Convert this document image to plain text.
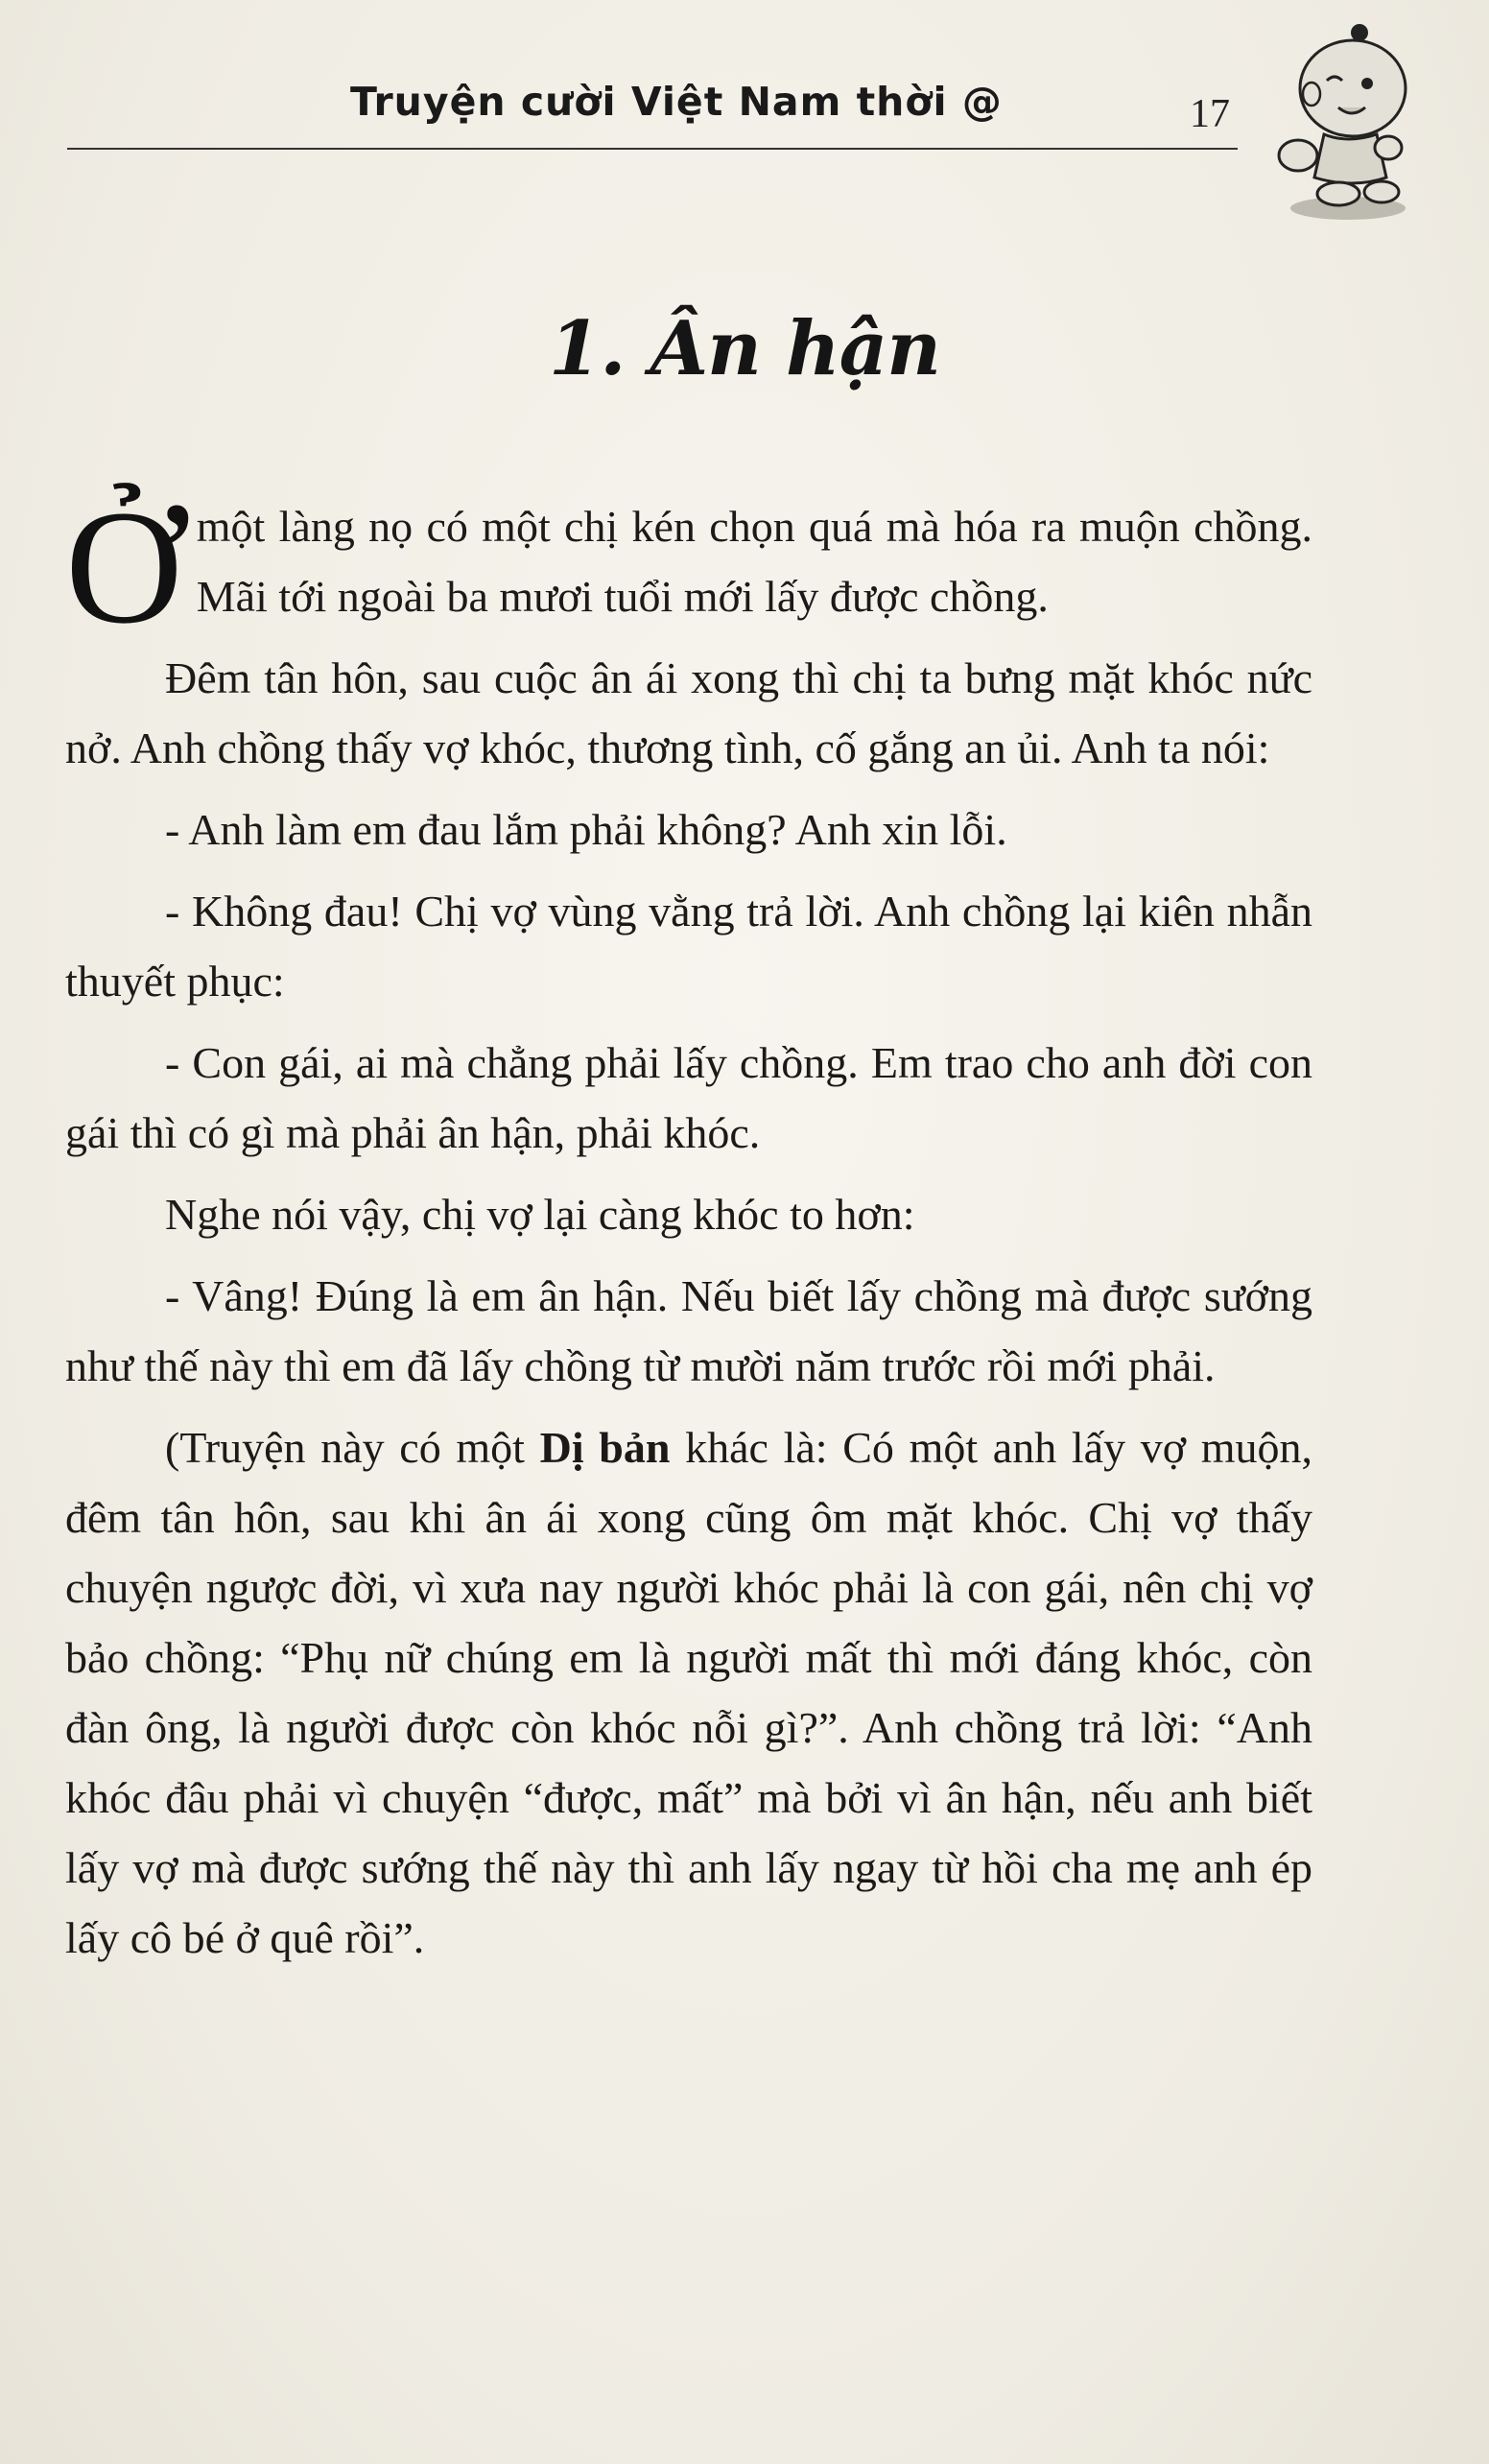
Truyện cười Việt Nam thời @	17
1. Ân hận

Ở một làng nọ có một chị kén chọn quá mà hóa ra muộn chồng. Mãi tới ngoài ba mươi tuổi mới lấy được chồng.

Đêm tân hôn, sau cuộc ân ái xong thì chị ta bưng mặt khóc nức nở. Anh chồng thấy vợ khóc, thương tình, cố gắng an ủi. Anh ta nói:

- Anh làm em đau lắm phải không? Anh xin lỗi.

- Không đau! Chị vợ vùng vằng trả lời. Anh chồng lại kiên nhẫn thuyết phục:

- Con gái, ai mà chẳng phải lấy chồng. Em trao cho anh đời con gái thì có gì mà phải ân hận, phải khóc.

Nghe nói vậy, chị vợ lại càng khóc to hơn:

- Vâng! Đúng là em ân hận. Nếu biết lấy chồng mà được sướng như thế này thì em đã lấy chồng từ mười năm trước rồi mới phải.

(Truyện này có một Dị bản khác là: Có một anh lấy vợ muộn, đêm tân hôn, sau khi ân ái xong cũng ôm mặt khóc. Chị vợ thấy chuyện ngược đời, vì xưa nay người khóc phải là con gái, nên chị vợ bảo chồng: “Phụ nữ chúng em là người mất thì mới đáng khóc, còn đàn ông, là người được còn khóc nỗi gì?”. Anh chồng trả lời: “Anh khóc đâu phải vì chuyện “được, mất” mà bởi vì ân hận, nếu anh biết lấy vợ mà được sướng thế này thì anh lấy ngay từ hồi cha mẹ anh ép lấy cô bé ở quê rồi”.
